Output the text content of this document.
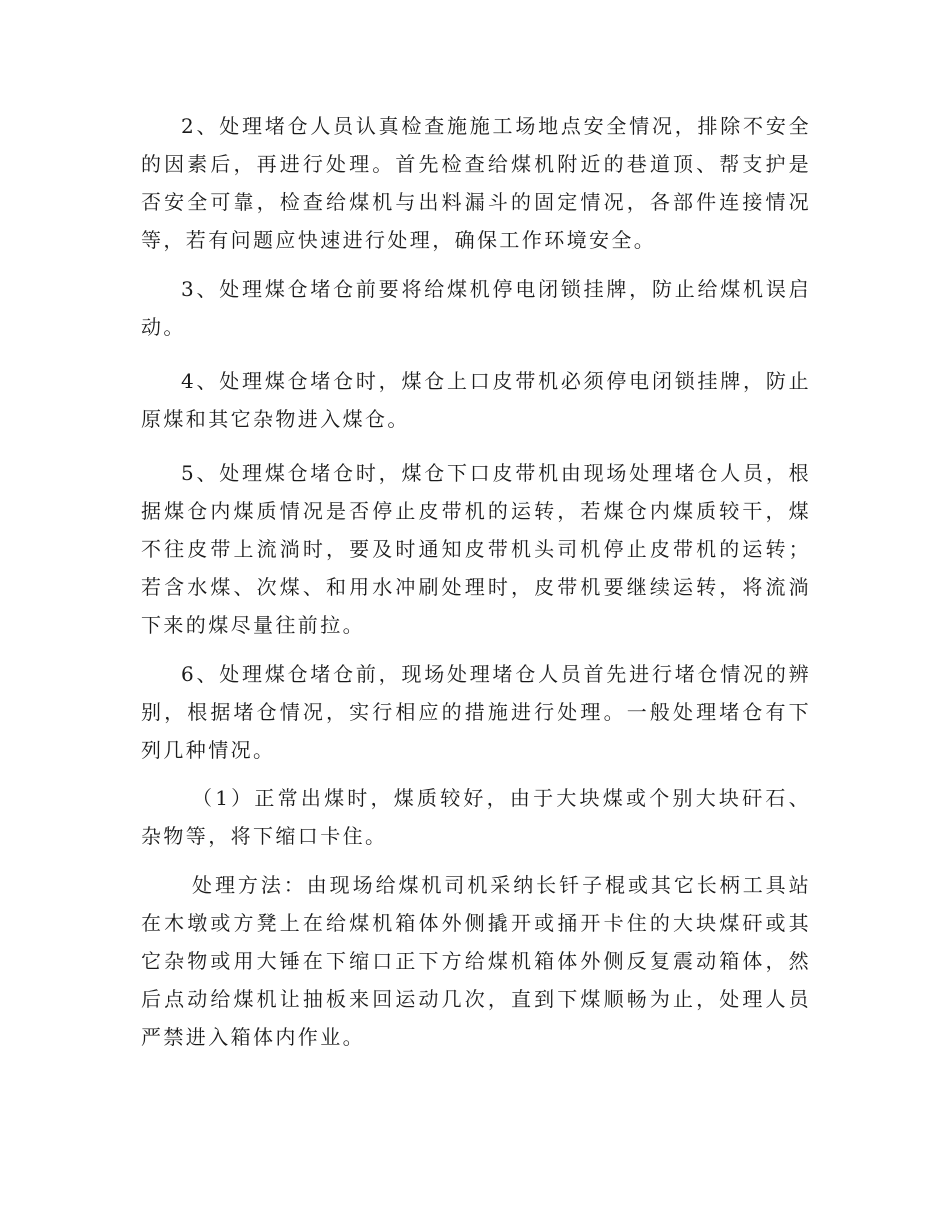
2、处理堵仓人员认真检查施施工场地点安全情况，排除不安全的因素后，再进行处理。首先检查给煤机附近的巷道顶、帮支护是否安全可靠，检查给煤机与出料漏斗的固定情况，各部件连接情况等，若有问题应快速进行处理，确保工作环境安全。

3、处理煤仓堵仓前要将给煤机停电闭锁挂牌，防止给煤机误启动。

4、处理煤仓堵仓时，煤仓上口皮带机必须停电闭锁挂牌，防止原煤和其它杂物进入煤仓。

5、处理煤仓堵仓时，煤仓下口皮带机由现场处理堵仓人员，根据煤仓内煤质情况是否停止皮带机的运转，若煤仓内煤质较干，煤不往皮带上流淌时，要及时通知皮带机头司机停止皮带机的运转；若含水煤、次煤、和用水冲刷处理时，皮带机要继续运转，将流淌下来的煤尽量往前拉。

6、处理煤仓堵仓前，现场处理堵仓人员首先进行堵仓情况的辨别，根据堵仓情况，实行相应的措施进行处理。一般处理堵仓有下列几种情况。

（1）正常出煤时，煤质较好，由于大块煤或个别大块矸石、杂物等，将下缩口卡住。

处理方法：由现场给煤机司机采纳长钎子棍或其它长柄工具站在木墩或方凳上在给煤机箱体外侧撬开或捅开卡住的大块煤矸或其它杂物或用大锤在下缩口正下方给煤机箱体外侧反复震动箱体，然后点动给煤机让抽板来回运动几次，直到下煤顺畅为止，处理人员严禁进入箱体内作业。
